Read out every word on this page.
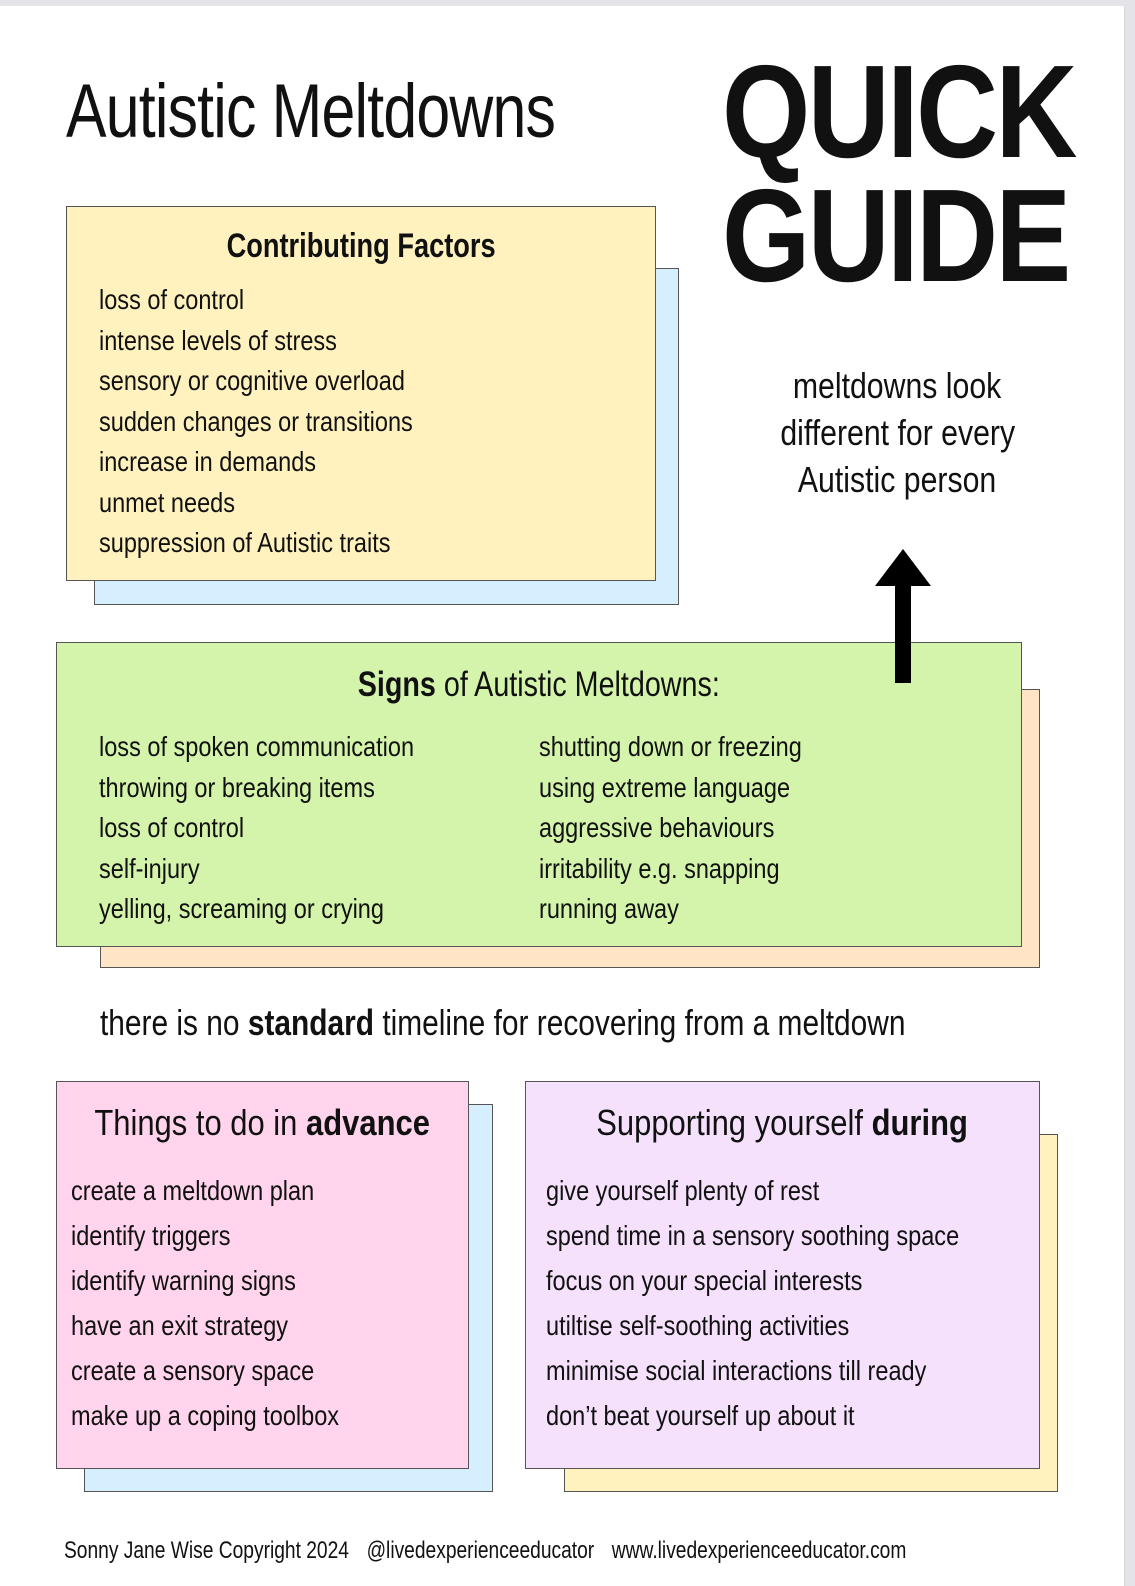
Autistic Meltdowns	QUICK
GUIDE
Contributing Factors
loss of control
intense levels of stress
sensory or cognitive overload
sudden changes or transitions
increase in demands
unmet needs
suppression of Autistic traits
meltdowns look
different for every
Autistic person
Signs of Autistic Meltdowns:
loss of spoken communication
throwing or breaking items
loss of control
self-injury
yelling, screaming or crying
shutting down or freezing
using extreme language
aggressive behaviours
irritability e.g. snapping
running away
there is no standard timeline for recovering from a meltdown
Things to do in advance
create a meltdown plan
identify triggers
identify warning signs
have an exit strategy
create a sensory space
make up a coping toolbox
Supporting yourself during
give yourself plenty of rest
spend time in a sensory soothing space
focus on your special interests
utiltise self-soothing activities
minimise social interactions till ready
don’t beat yourself up about it
Sonny Jane Wise Copyright 2024 @livedexperienceeducator www.livedexperienceeducator.com
